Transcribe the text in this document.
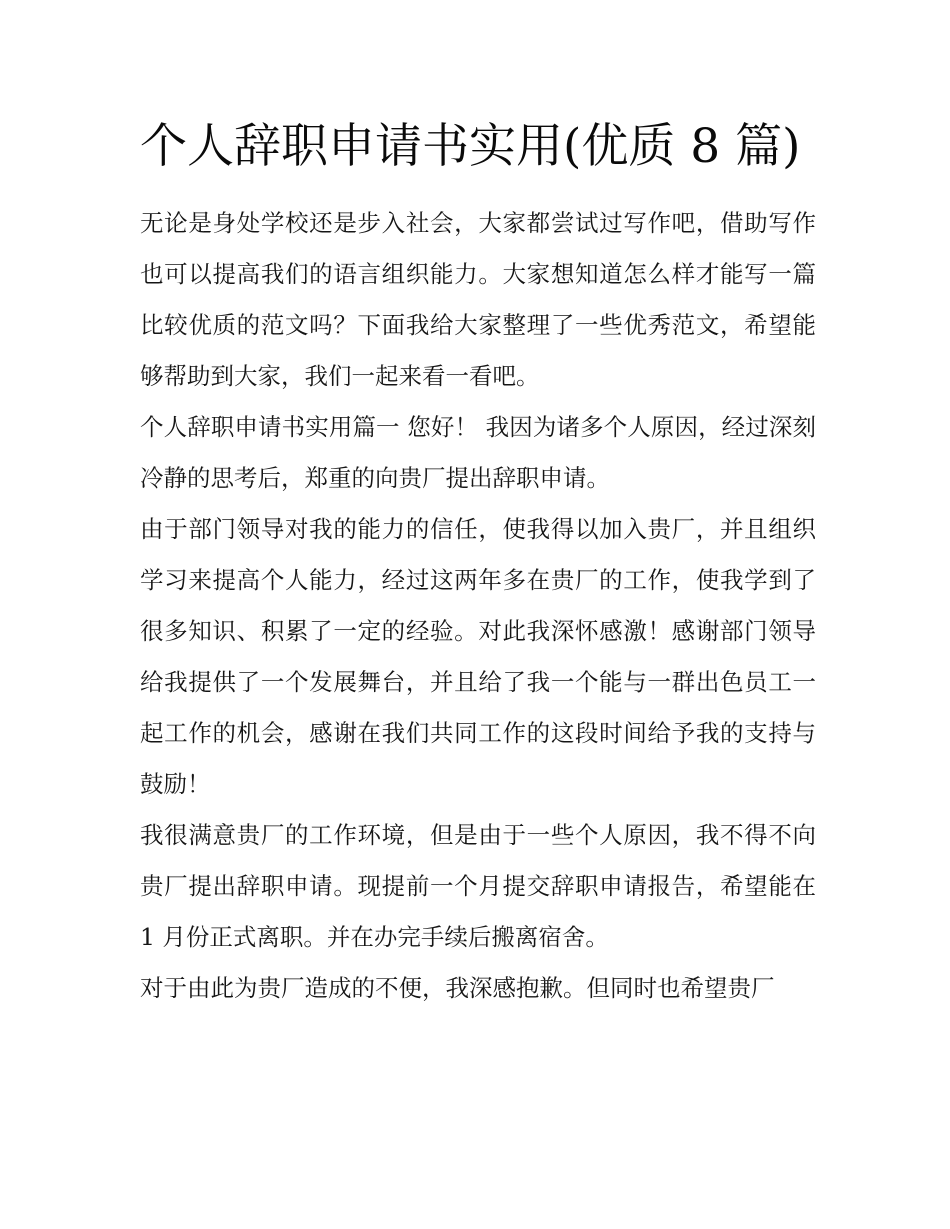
个人辞职申请书实用(优质 8 篇)

无论是身处学校还是步入社会，大家都尝试过写作吧，借助写作也可以提高我们的语言组织能力。大家想知道怎么样才能写一篇比较优质的范文吗？下面我给大家整理了一些优秀范文，希望能够帮助到大家，我们一起来看一看吧。

个人辞职申请书实用篇一 您好！ 我因为诸多个人原因，经过深刻冷静的思考后，郑重的向贵厂提出辞职申请。

由于部门领导对我的能力的信任，使我得以加入贵厂，并且组织学习来提高个人能力，经过这两年多在贵厂的工作，使我学到了很多知识、积累了一定的经验。对此我深怀感激！感谢部门领导给我提供了一个发展舞台，并且给了我一个能与一群出色员工一起工作的机会，感谢在我们共同工作的这段时间给予我的支持与鼓励！

我很满意贵厂的工作环境，但是由于一些个人原因，我不得不向贵厂提出辞职申请。现提前一个月提交辞职申请报告，希望能在 1 月份正式离职。并在办完手续后搬离宿舍。

对于由此为贵厂造成的不便，我深感抱歉。但同时也希望贵厂
